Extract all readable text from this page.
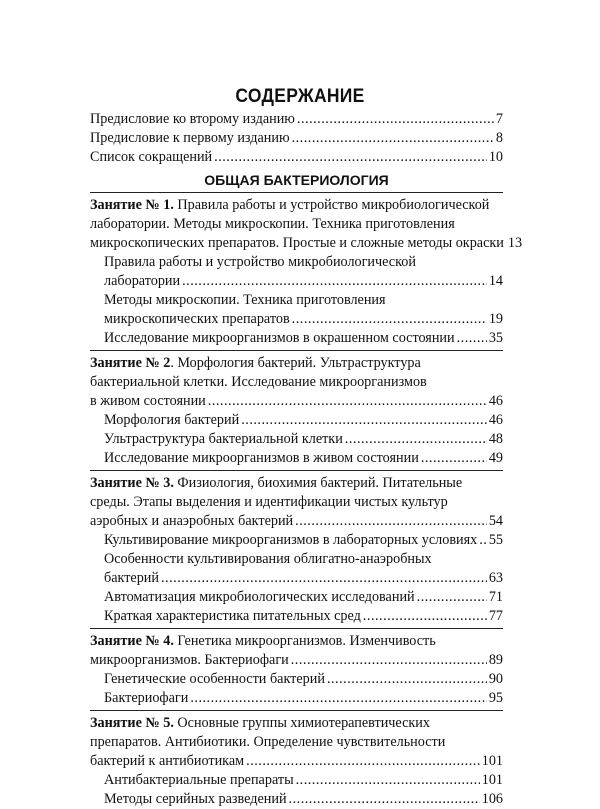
СОДЕРЖАНИЕ
Предисловие ко второму изданию .....	7
Предисловие к первому изданию .....	8
Список сокращений .....	10
ОБЩАЯ БАКТЕРИОЛОГИЯ
Занятие № 1. Правила работы и устройство микробиологической
лаборатории. Методы микроскопии. Техника приготовления
микроскопических препаратов. Простые и сложные методы окраски 13
Правила работы и устройство микробиологической
лаборатории .....	14
Методы микроскопии. Техника приготовления
микроскопических препаратов .....	19
Исследование микроорганизмов в окрашенном состоянии ..... 35
Занятие № 2. Морфология бактерий. Ультраструктура
бактериальной клетки. Исследование микроорганизмов
в живом состоянии .....	46
Морфология бактерий .....	46
Ультраструктура бактериальной клетки .....	48
Исследование микроорганизмов в живом состоянии .....	49
Занятие № 3. Физиология, биохимия бактерий. Питательные
среды. Этапы выделения и идентификации чистых культур
аэробных и анаэробных бактерий .....	54
Культивирование микроорганизмов в лабораторных условиях ..... 55
Особенности культивирования облигатно-анаэробных
бактерий .....	63
Автоматизация микробиологических исследований .....	71
Краткая характеристика питательных сред .....	77
Занятие № 4. Генетика микроорганизмов. Изменчивость
микроорганизмов. Бактериофаги .....	89
Генетические особенности бактерий .....	90
Бактериофаги .....	95
Занятие № 5. Основные группы химиотерапевтических
препаратов. Антибиотики. Определение чувствительности
бактерий к антибиотикам .....	101
Антибактериальные препараты .....	101
Методы серийных разведений .....	106
